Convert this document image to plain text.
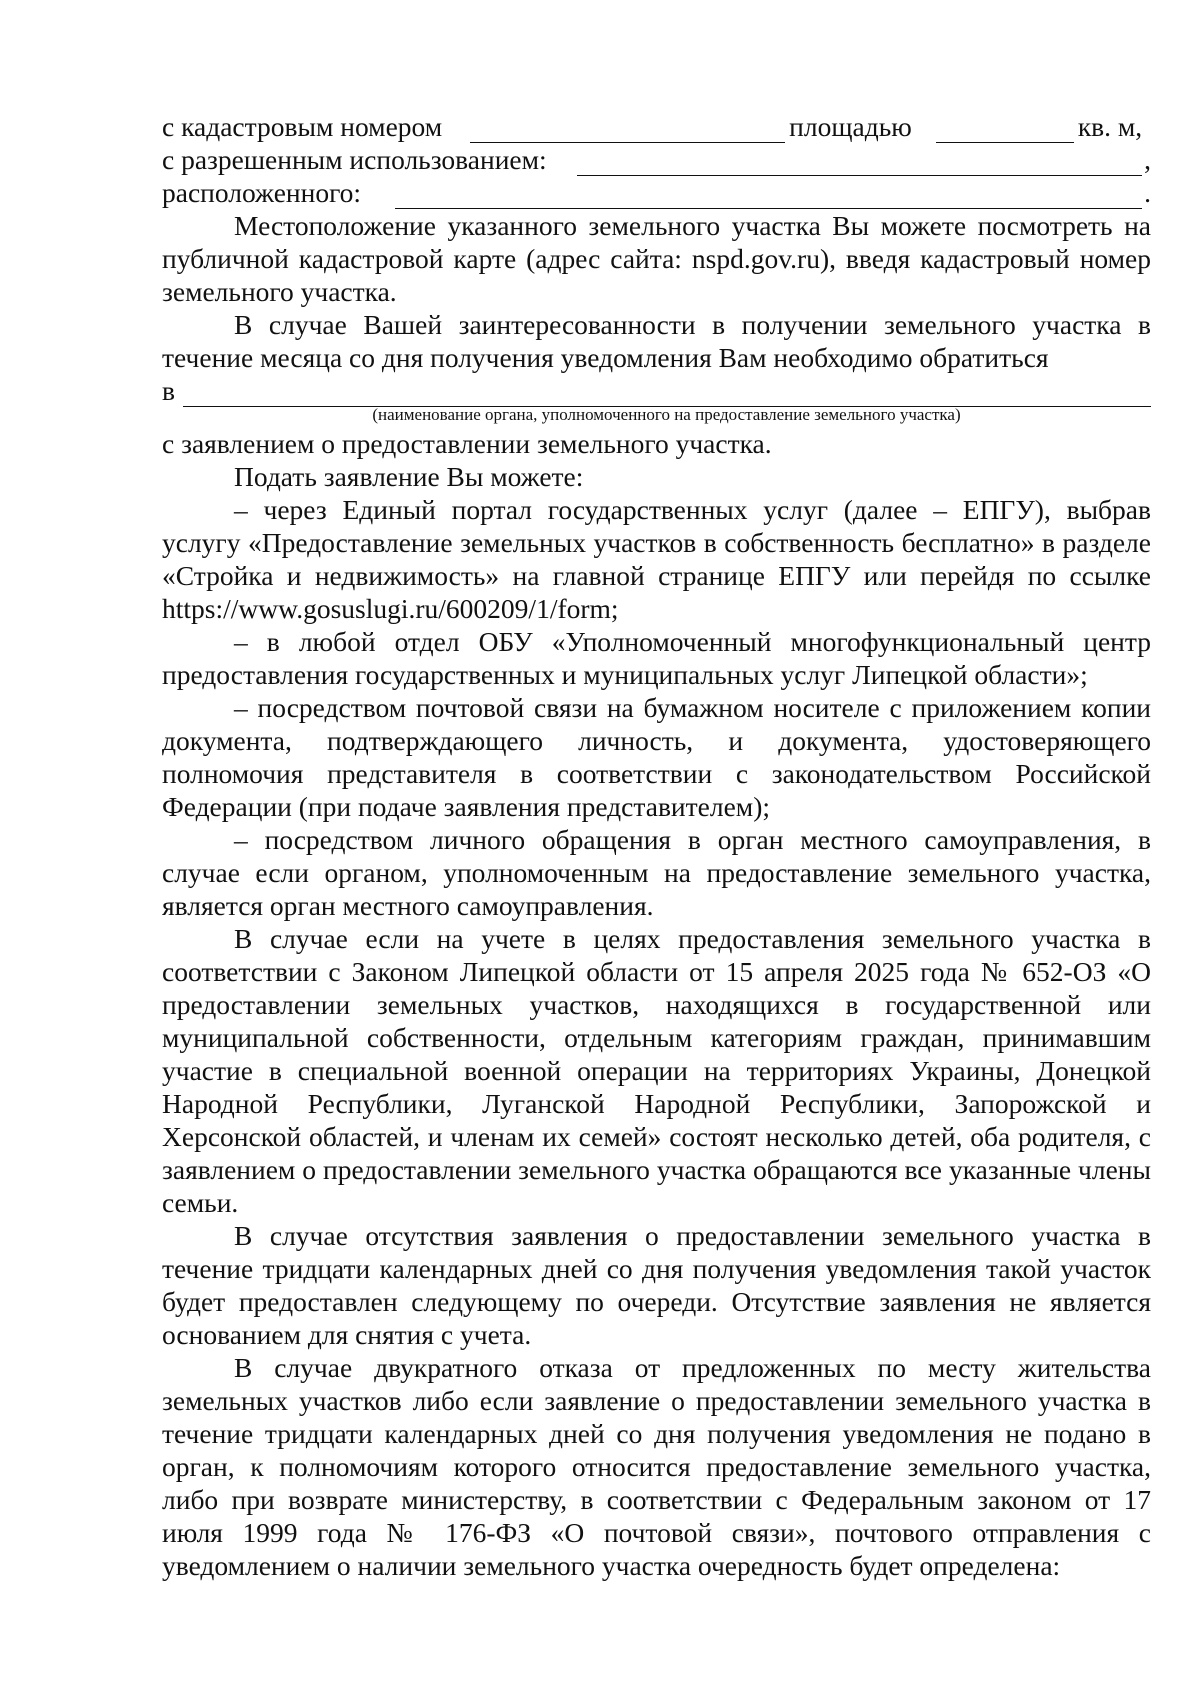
с кадастровым номером	площадью	кв. м,
с разрешенным использованием:	,
расположенного:	.

Местоположение указанного земельного участка Вы можете посмотреть на публичной кадастровой карте (адрес сайта: nspd.gov.ru), введя кадастровый номер земельного участка.

В случае Вашей заинтересованности в получении земельного участка в течение месяца со дня получения уведомления Вам необходимо обратиться

в
(наименование органа, уполномоченного на предоставление земельного участка)

с заявлением о предоставлении земельного участка.

Подать заявление Вы можете:

– через Единый портал государственных услуг (далее – ЕПГУ), выбрав услугу «Предоставление земельных участков в собственность бесплатно» в разделе «Стройка и недвижимость» на главной странице ЕПГУ или перейдя по ссылке https://www.gosuslugi.ru/600209/1/form;

– в любой отдел ОБУ «Уполномоченный многофункциональный центр предоставления государственных и муниципальных услуг Липецкой области»;

– посредством почтовой связи на бумажном носителе с приложением копии документа, подтверждающего личность, и документа, удостоверяющего полномочия представителя в соответствии с законодательством Российской Федерации (при подаче заявления представителем);

– посредством личного обращения в орган местного самоуправления, в случае если органом, уполномоченным на предоставление земельного участка, является орган местного самоуправления.

В случае если на учете в целях предоставления земельного участка в соответствии с Законом Липецкой области от 15 апреля 2025 года № 652-ОЗ «О предоставлении земельных участков, находящихся в государственной или муниципальной собственности, отдельным категориям граждан, принимавшим участие в специальной военной операции на территориях Украины, Донецкой Народной Республики, Луганской Народной Республики, Запорожской и Херсонской областей, и членам их семей» состоят несколько детей, оба родителя, с заявлением о предоставлении земельного участка обращаются все указанные члены семьи.

В случае отсутствия заявления о предоставлении земельного участка в течение тридцати календарных дней со дня получения уведомления такой участок будет предоставлен следующему по очереди. Отсутствие заявления не является основанием для снятия с учета.

В случае двукратного отказа от предложенных по месту жительства земельных участков либо если заявление о предоставлении земельного участка в течение тридцати календарных дней со дня получения уведомления не подано в орган, к полномочиям которого относится предоставление земельного участка, либо при возврате министерству, в соответствии с Федеральным законом от 17 июля 1999 года № 176-ФЗ «О почтовой связи», почтового отправления с уведомлением о наличии земельного участка очередность будет определена:
